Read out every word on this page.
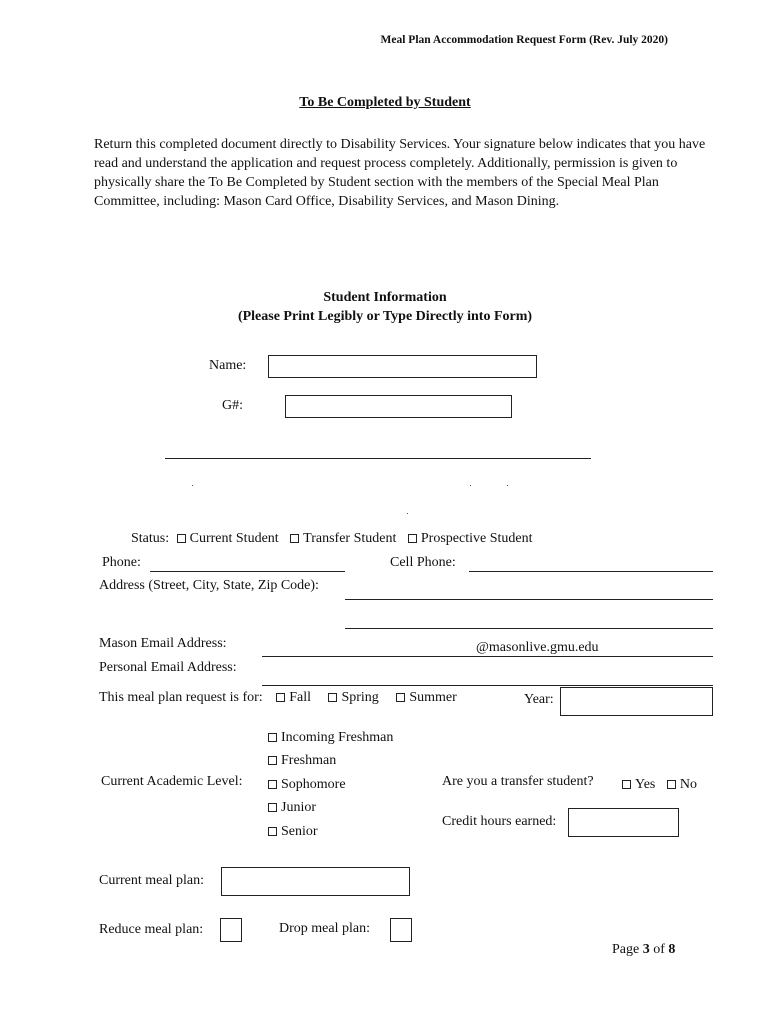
Meal Plan Accommodation Request Form (Rev. July 2020)
To Be Completed by Student
Return this completed document directly to Disability Services. Your signature below indicates that you have read and understand the application and request process completely. Additionally, permission is given to physically share the To Be Completed by Student section with the members of the Special Meal Plan Committee, including: Mason Card Office, Disability Services, and Mason Dining.
Student Information
(Please Print Legibly or Type Directly into Form)
Name:
G#:
Status: Current Student Transfer Student Prospective Student
Phone:	Cell Phone:
Address (Street, City, State, Zip Code):
Mason Email Address:	@masonlive.gmu.edu
Personal Email Address:
This meal plan request is for: Fall Spring Summer	Year:
Incoming Freshman
Freshman
Sophomore
Junior
Senior
Current Academic Level:	Are you a transfer student?	Yes No
Credit hours earned:
Current meal plan:
Reduce meal plan:	Drop meal plan:
Page 3 of 8
